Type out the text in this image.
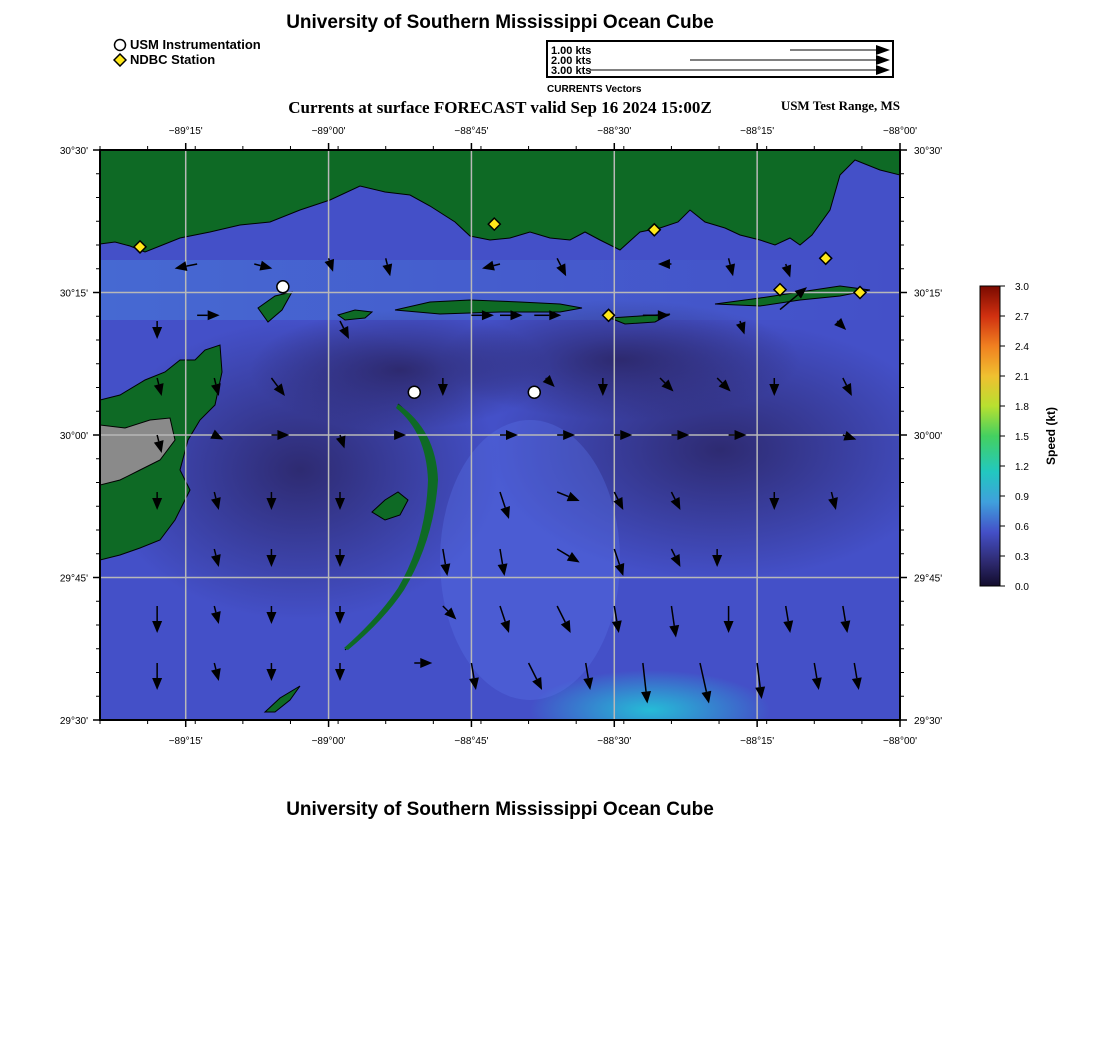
University of Southern Mississippi Ocean Cube
USM Instrumentation
NDBC Station
1.00 kts
2.00 kts
3.00 kts
CURRENTS Vectors
Currents at surface FORECAST valid Sep 16 2024 15:00Z	USM Test Range, MS
−89°15'
−89°15'
−89°00'
−89°00'
−88°45'
−88°45'
−88°30'
−88°30'
−88°15'
−88°15'
−88°00'
−88°00'
30°30'	30°30'
30°15'	30°15'
30°00'	30°00'
29°45'	29°45'
29°30'	29°30'
3.0
2.7
2.4
2.1
1.8
1.5
1.2
0.9
0.6
0.3
0.0
Speed (kt)
University of Southern Mississippi Ocean Cube
